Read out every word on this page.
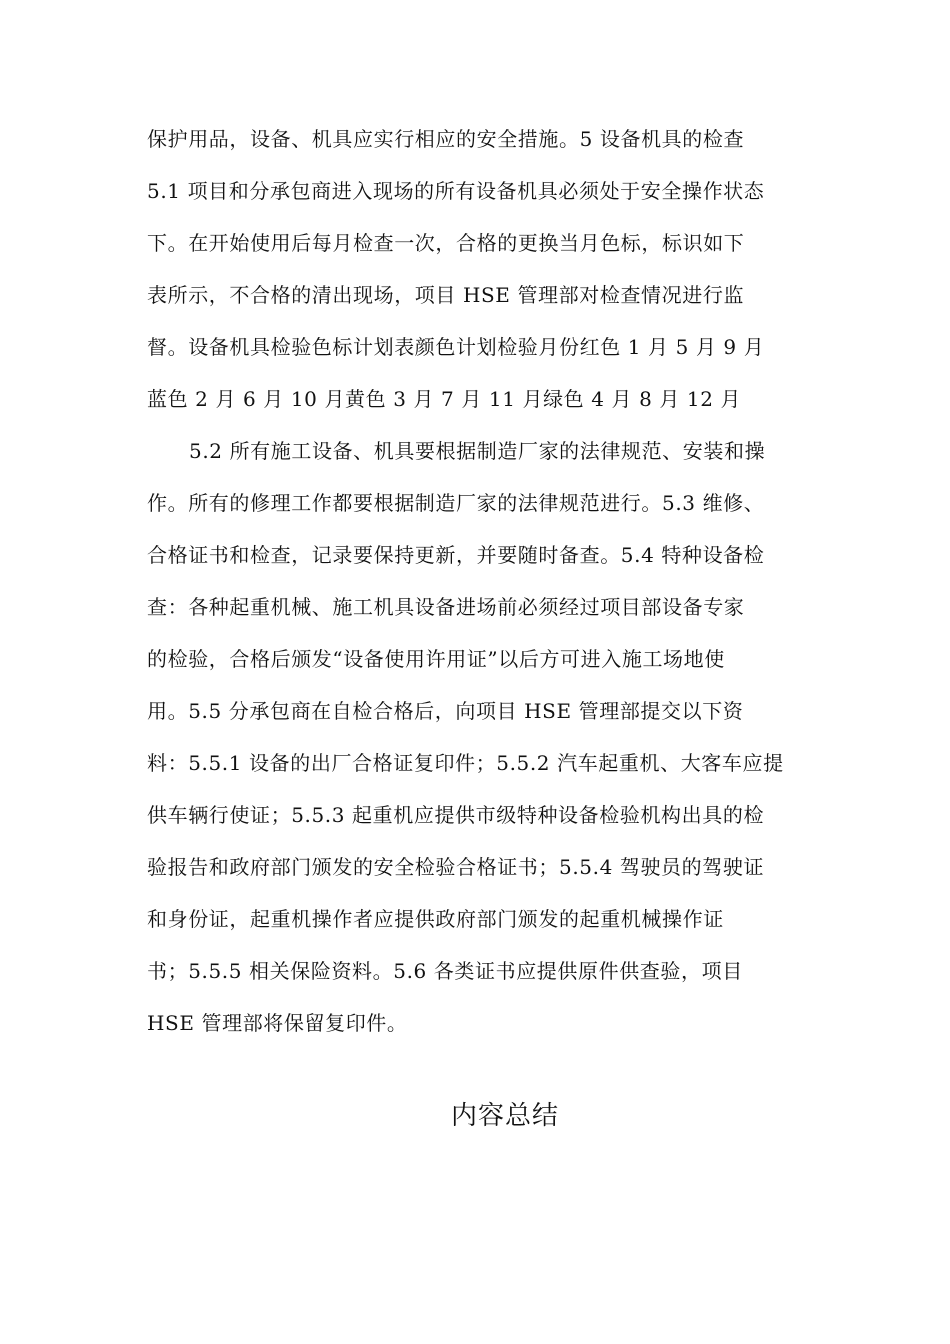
保护用品，设备、机具应实行相应的安全措施。5 设备机具的检查
5.1 项目和分承包商进入现场的所有设备机具必须处于安全操作状态
下。在开始使用后每月检查一次，合格的更换当月色标，标识如下
表所示，不合格的清出现场，项目 HSE 管理部对检查情况进行监
督。设备机具检验色标计划表颜色计划检验月份红色 1 月 5 月 9 月
蓝色 2 月 6 月 10 月黄色 3 月 7 月 11 月绿色 4 月 8 月 12 月
5.2 所有施工设备、机具要根据制造厂家的法律规范、安装和操
作。所有的修理工作都要根据制造厂家的法律规范进行。5.3 维修、
合格证书和检查，记录要保持更新，并要随时备查。5.4 特种设备检
查：各种起重机械、施工机具设备进场前必须经过项目部设备专家
的检验，合格后颁发“设备使用许用证”以后方可进入施工场地使
用。5.5 分承包商在自检合格后，向项目 HSE 管理部提交以下资
料：5.5.1 设备的出厂合格证复印件；5.5.2 汽车起重机、大客车应提
供车辆行使证；5.5.3 起重机应提供市级特种设备检验机构出具的检
验报告和政府部门颁发的安全检验合格证书；5.5.4 驾驶员的驾驶证
和身份证，起重机操作者应提供政府部门颁发的起重机械操作证
书；5.5.5 相关保险资料。5.6 各类证书应提供原件供查验，项目
HSE 管理部将保留复印件。
内容总结
